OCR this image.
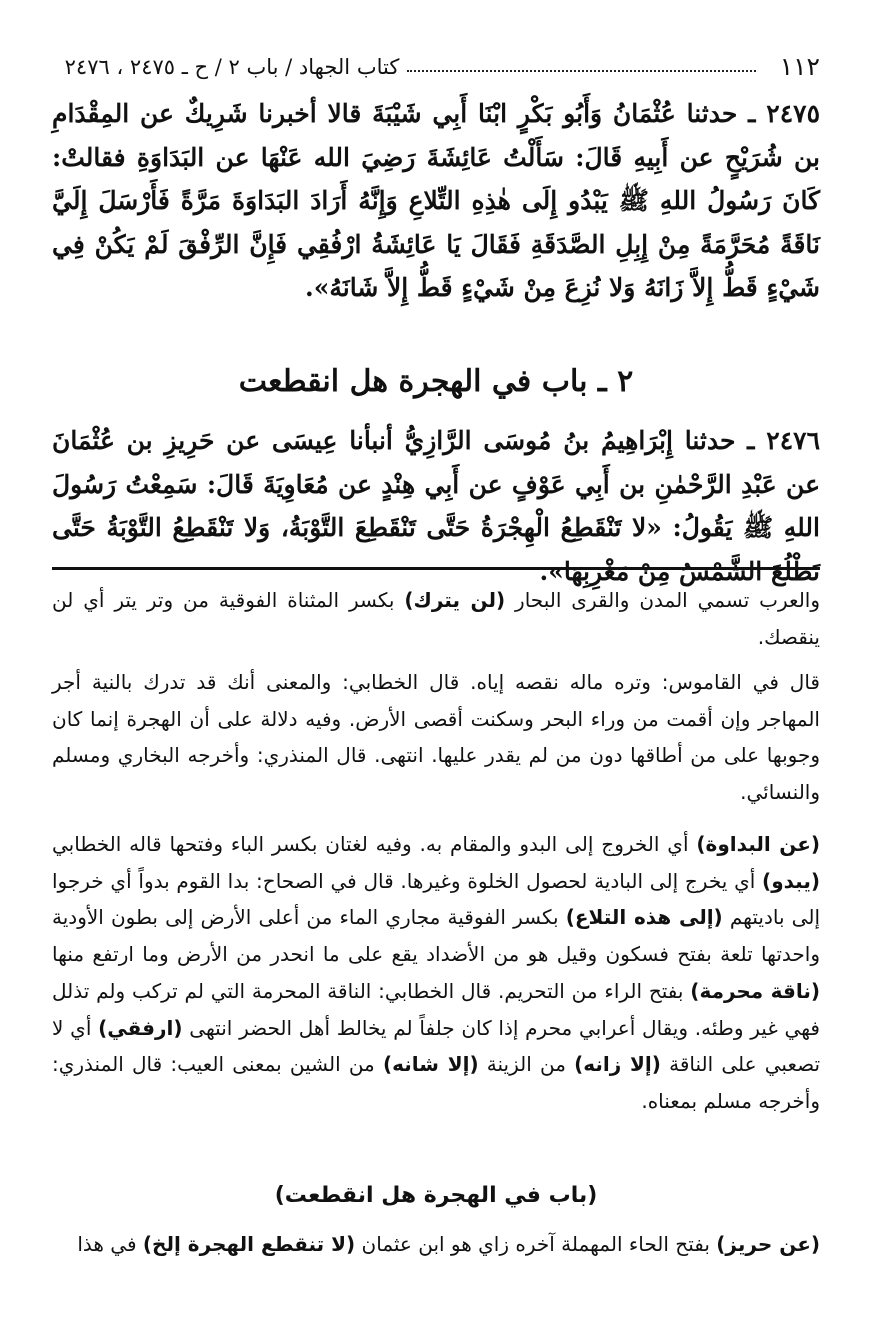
١١٢
كتاب الجهاد / باب ٢ / ح ـ ٢٤٧٥ ، ٢٤٧٦

٢٤٧٥ ـ حدثنا عُثْمَانُ وَأَبُو بَكْرٍ ابْنَا أَبِي شَيْبَةَ قالا أخبرنا شَرِيكٌ عن المِقْدَامِ بن شُرَيْحٍ عن أَبِيهِ قَالَ: سَأَلْتُ عَائِشَةَ رَضِيَ الله عَنْهَا عن البَدَاوَةِ فقالتْ: كَانَ رَسُولُ اللهِ ﷺ يَبْدُو إِلَى هٰذِهِ التِّلاعِ وَإِنَّهُ أَرَادَ البَدَاوَةَ مَرَّةً فَأَرْسَلَ إِلَيَّ نَاقَةً مُحَرَّمَةً مِنْ إِبِلِ الصَّدَقَةِ فَقَالَ يَا عَائِشَةُ ارْفُقِي فَإِنَّ الرِّفْقَ لَمْ يَكُنْ فِي شَيْءٍ قَطُّ إِلاَّ زَانَهُ وَلا نُزِعَ مِنْ شَيْءٍ قَطُّ إِلاَّ شَانَهُ».

٢ ـ باب في الهجرة هل انقطعت

٢٤٧٦ ـ حدثنا إِبْرَاهِيمُ بنُ مُوسَى الرَّازِيُّ أنبأنا عِيسَى عن حَرِيزِ بن عُثْمَانَ عن عَبْدِ الرَّحْمٰنِ بن أَبِي عَوْفٍ عن أَبِي هِنْدٍ عن مُعَاوِيَةَ قَالَ: سَمِعْتُ رَسُولَ اللهِ ﷺ يَقُولُ: «لا تَنْقَطِعُ الْهِجْرَةُ حَتَّى تَنْقَطِعَ التَّوْبَةُ، وَلا تَنْقَطِعُ التَّوْبَةُ حَتَّى تَطْلُعَ الشَّمْسُ مِنْ مَغْرِبِهَا».

والعرب تسمي المدن والقرى البحار (لن يترك) بكسر المثناة الفوقية من وتر يتر أي لن ينقصك.

قال في القاموس: وتره ماله نقصه إياه. قال الخطابي: والمعنى أنك قد تدرك بالنية أجر المهاجر وإن أقمت من وراء البحر وسكنت أقصى الأرض. وفيه دلالة على أن الهجرة إنما كان وجوبها على من أطاقها دون من لم يقدر عليها. انتهى. قال المنذري: وأخرجه البخاري ومسلم والنسائي.

(عن البداوة) أي الخروج إلى البدو والمقام به. وفيه لغتان بكسر الباء وفتحها قاله الخطابي (يبدو) أي يخرج إلى البادية لحصول الخلوة وغيرها. قال في الصحاح: بدا القوم بدواً أي خرجوا إلى باديتهم (إلى هذه التلاع) بكسر الفوقية مجاري الماء من أعلى الأرض إلى بطون الأودية واحدتها تلعة بفتح فسكون وقيل هو من الأضداد يقع على ما انحدر من الأرض وما ارتفع منها (ناقة محرمة) بفتح الراء من التحريم. قال الخطابي: الناقة المحرمة التي لم تركب ولم تذلل فهي غير وطئه. ويقال أعرابي محرم إذا كان جلفاً لم يخالط أهل الحضر انتهى (ارفقي) أي لا تصعبي على الناقة (إلا زانه) من الزينة (إلا شانه) من الشين بمعنى العيب: قال المنذري: وأخرجه مسلم بمعناه.

(باب في الهجرة هل انقطعت)

(عن حريز) بفتح الحاء المهملة آخره زاي هو ابن عثمان (لا تنقطع الهجرة إلخ) في هذا
